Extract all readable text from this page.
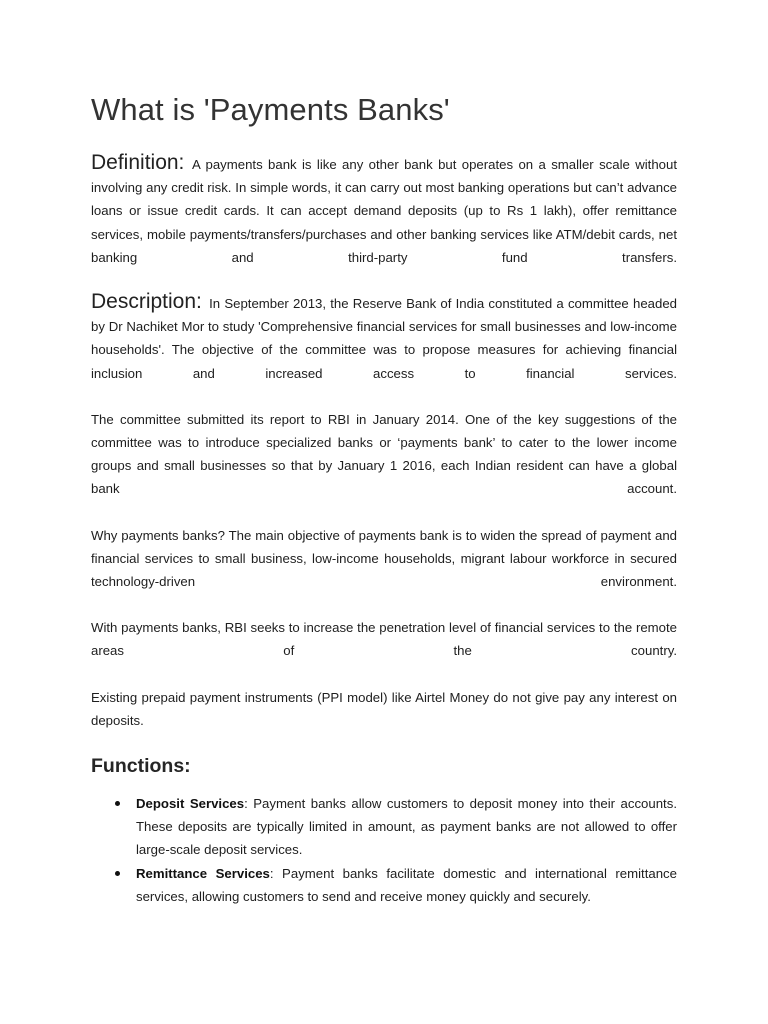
What is 'Payments Banks'

Definition: A payments bank is like any other bank but operates on a smaller scale without involving any credit risk. In simple words, it can carry out most banking operations but can’t advance loans or issue credit cards. It can accept demand deposits (up to Rs 1 lakh), offer remittance services, mobile payments/transfers/purchases and other banking services like ATM/debit cards, net banking and third-party fund transfers.

Description: In September 2013, the Reserve Bank of India constituted a committee headed by Dr Nachiket Mor to study 'Comprehensive financial services for small businesses and low-income households'. The objective of the committee was to propose measures for achieving financial inclusion and increased access to financial services.

The committee submitted its report to RBI in January 2014. One of the key suggestions of the committee was to introduce specialized banks or ‘payments bank’ to cater to the lower income groups and small businesses so that by January 1 2016, each Indian resident can have a global bank account.

Why payments banks? The main objective of payments bank is to widen the spread of payment and financial services to small business, low-income households, migrant labour workforce in secured technology-driven environment.

With payments banks, RBI seeks to increase the penetration level of financial services to the remote areas of the country.

Existing prepaid payment instruments (PPI model) like Airtel Money do not give pay any interest on deposits.

Functions:

Deposit Services: Payment banks allow customers to deposit money into their accounts. These deposits are typically limited in amount, as payment banks are not allowed to offer large-scale deposit services.

Remittance Services: Payment banks facilitate domestic and international remittance services, allowing customers to send and receive money quickly and securely.
